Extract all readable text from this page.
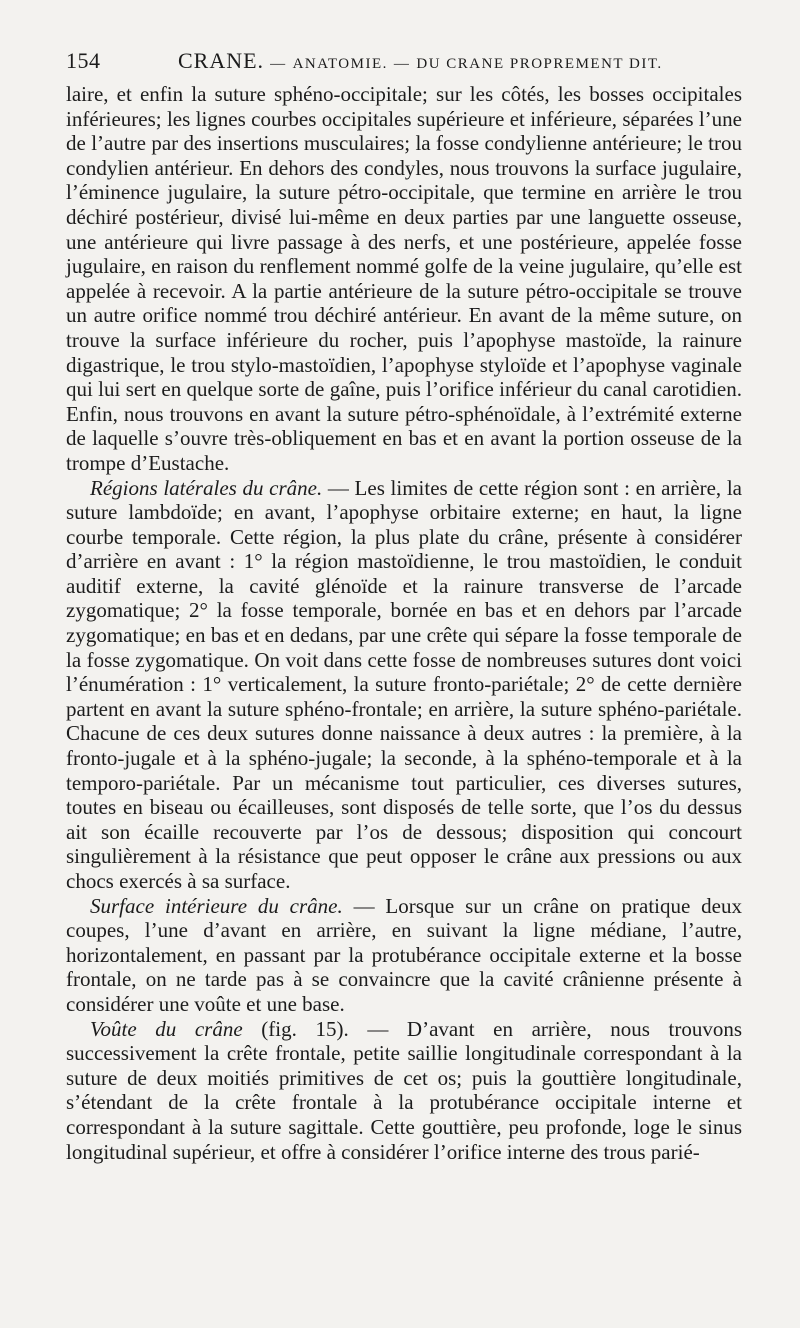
154	CRANE. — ANATOMIE. — DU CRANE PROPREMENT DIT.

laire, et enfin la suture sphéno-occipitale; sur les côtés, les bosses occipitales inférieures; les lignes courbes occipitales supérieure et inférieure, séparées l’une de l’autre par des insertions musculaires; la fosse condylienne antérieure; le trou condylien antérieur. En dehors des condyles, nous trouvons la surface jugulaire, l’éminence jugulaire, la suture pétro-occipitale, que termine en arrière le trou déchiré postérieur, divisé lui-même en deux parties par une languette osseuse, une antérieure qui livre passage à des nerfs, et une postérieure, appelée fosse jugulaire, en raison du renflement nommé golfe de la veine jugulaire, qu’elle est appelée à recevoir. A la partie antérieure de la suture pétro-occipitale se trouve un autre orifice nommé trou déchiré antérieur. En avant de la même suture, on trouve la surface inférieure du rocher, puis l’apophyse mastoïde, la rainure digastrique, le trou stylo-mastoïdien, l’apophyse styloïde et l’apophyse vaginale qui lui sert en quelque sorte de gaîne, puis l’orifice inférieur du canal carotidien. Enfin, nous trouvons en avant la suture pétro-sphénoïdale, à l’extrémité externe de laquelle s’ouvre très-obliquement en bas et en avant la portion osseuse de la trompe d’Eustache.

Régions latérales du crâne. — Les limites de cette région sont : en arrière, la suture lambdoïde; en avant, l’apophyse orbitaire externe; en haut, la ligne courbe temporale. Cette région, la plus plate du crâne, présente à considérer d’arrière en avant : 1° la région mastoïdienne, le trou mastoïdien, le conduit auditif externe, la cavité glénoïde et la rainure transverse de l’arcade zygomatique; 2° la fosse temporale, bornée en bas et en dehors par l’arcade zygomatique; en bas et en dedans, par une crête qui sépare la fosse temporale de la fosse zygomatique. On voit dans cette fosse de nombreuses sutures dont voici l’énumération : 1° verticalement, la suture fronto-pariétale; 2° de cette dernière partent en avant la suture sphéno-frontale; en arrière, la suture sphéno-pariétale. Chacune de ces deux sutures donne naissance à deux autres : la première, à la fronto-jugale et à la sphéno-jugale; la seconde, à la sphéno-temporale et à la temporo-pariétale. Par un mécanisme tout particulier, ces diverses sutures, toutes en biseau ou écailleuses, sont disposés de telle sorte, que l’os du dessus ait son écaille recouverte par l’os de dessous; disposition qui concourt singulièrement à la résistance que peut opposer le crâne aux pressions ou aux chocs exercés à sa surface.

Surface intérieure du crâne. — Lorsque sur un crâne on pratique deux coupes, l’une d’avant en arrière, en suivant la ligne médiane, l’autre, horizontalement, en passant par la protubérance occipitale externe et la bosse frontale, on ne tarde pas à se convaincre que la cavité crânienne présente à considérer une voûte et une base.

Voûte du crâne (fig. 15). — D’avant en arrière, nous trouvons successivement la crête frontale, petite saillie longitudinale correspondant à la suture de deux moitiés primitives de cet os; puis la gouttière longitudinale, s’étendant de la crête frontale à la protubérance occipitale interne et correspondant à la suture sagittale. Cette gouttière, peu profonde, loge le sinus longitudinal supérieur, et offre à considérer l’orifice interne des trous parié-
